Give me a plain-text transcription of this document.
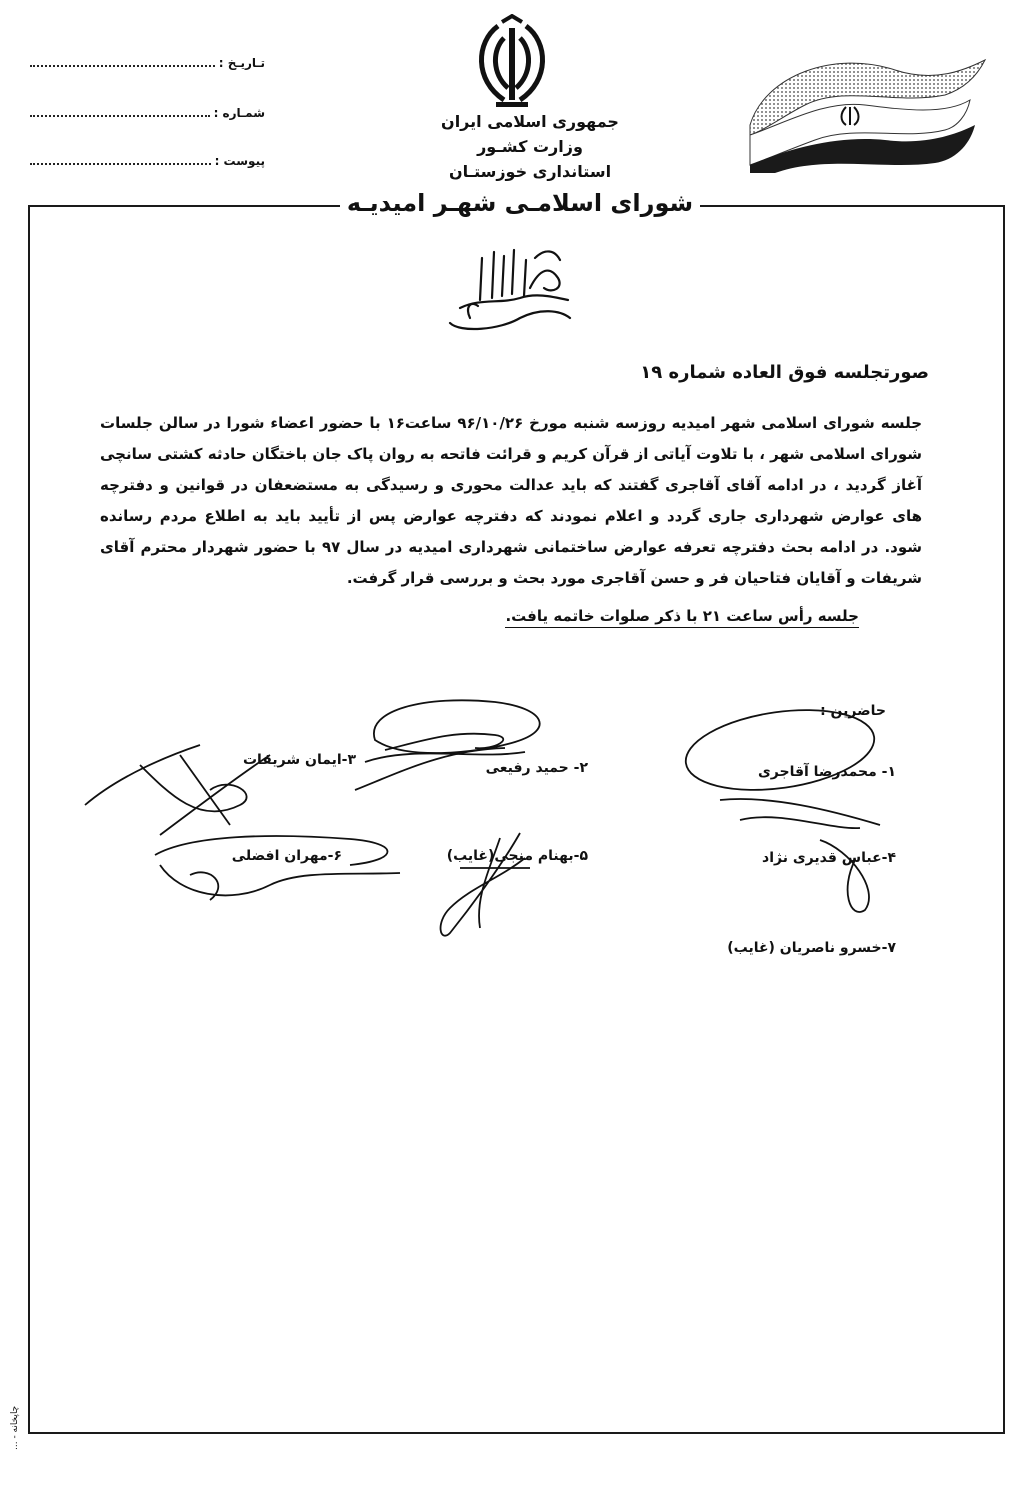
تـاریـخ :
شمـاره :
پیوست :
جمهوری اسلامی ایران
وزارت کشـور
استانداری خوزستـان
شورای اسلامـی شهـر امیدیـه
صورتجلسه فوق العاده شماره ۱۹
جلسه شورای اسلامی شهر امیدیه روزسه شنبه مورخ ۹۶/۱۰/۲۶ ساعت۱۶ با حضور اعضاء شورا در سالن جلسات شورای اسلامی شهر ، با تلاوت آیاتی از قرآن کریم و قرائت فاتحه به روان پاک جان باختگان حادثه کشتی سانچی آغاز گردید ، در ادامه آقای آقاجری گفتند که باید عدالت محوری و رسیدگی به مستضعفان در قوانین و دفترچه های عوارض شهرداری جاری گردد و اعلام نمودند که دفترچه عوارض پس از تأیید باید به اطلاع مردم رسانده شود. در ادامه بحث دفترچه تعرفه عوارض ساختمانی شهرداری امیدیه در سال ۹۷ با حضور شهردار محترم آقای شریفات و آقایان فتاحیان فر و حسن آقاجری مورد بحث و بررسی قرار گرفت.
جلسه رأس ساعت ۲۱ با ذکر صلوات خاتمه یافت.
حاضرین :
۱- محمدرضا آقاجری
۲- حمید رفیعی
۳-ایمان شریفات
۴-عباس قدیری نژاد
۵-بهنام منجی(غایب)
۶-مهران افضلی
۷-خسرو ناصریان (غایب)
چاپخانه - ...
